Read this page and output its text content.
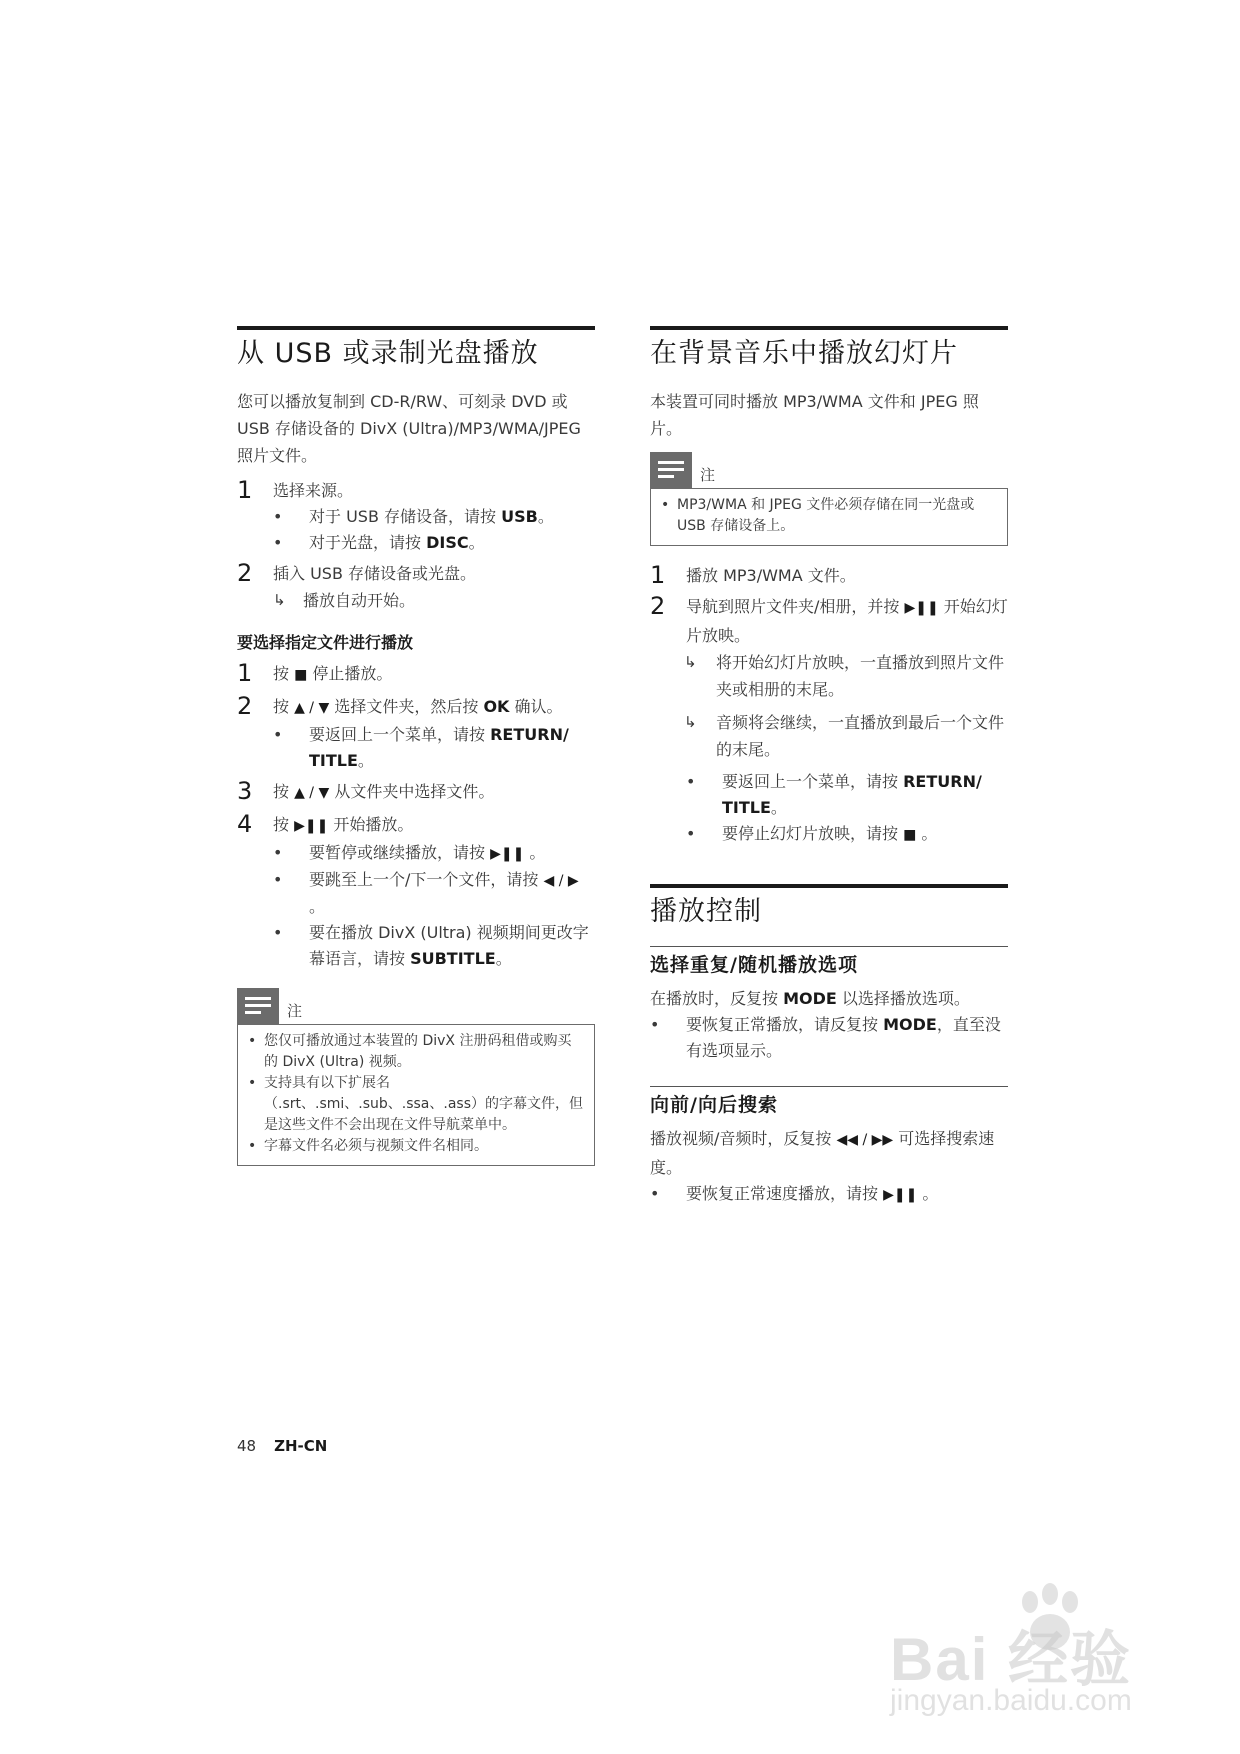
从 USB 或录制光盘播放

您可以播放复制到 CD-R/RW、可刻录 DVD 或 USB 存储设备的 DivX (Ultra)/MP3/WMA/JPEG 照片文件。

1 选择来源。
• 对于 USB 存储设备，请按 USB。
• 对于光盘，请按 DISC。
2 插入 USB 存储设备或光盘。
↳ 播放自动开始。
要选择指定文件进行播放
1 按 ■ 停止播放。
2 按 ▲ / ▼ 选择文件夹，然后按 OK 确认。
• 要返回上一个菜单，请按 RETURN/ TITLE。
3 按 ▲ / ▼ 从文件夹中选择文件。
4 按 ▶❚❚ 开始播放。
• 要暂停或继续播放，请按 ▶❚❚ 。
• 要跳至上一个/下一个文件，请按 ◀ / ▶ 。
• 要在播放 DivX (Ultra) 视频期间更改字幕语言，请按 SUBTITLE。
注
• 您仅可播放通过本装置的 DivX 注册码租借或购买的 DivX (Ultra) 视频。
• 支持具有以下扩展名（.srt、.smi、.sub、.ssa、.ass）的字幕文件，但是这些文件不会出现在文件导航菜单中。
• 字幕文件名必须与视频文件名相同。
在背景音乐中播放幻灯片

本装置可同时播放 MP3/WMA 文件和 JPEG 照片。

注
• MP3/WMA 和 JPEG 文件必须存储在同一光盘或 USB 存储设备上。
1 播放 MP3/WMA 文件。
2 导航到照片文件夹/相册，并按 ▶❚❚ 开始幻灯片放映。
↳ 将开始幻灯片放映，一直播放到照片文件夹或相册的末尾。
↳ 音频将会继续，一直播放到最后一个文件的末尾。
• 要返回上一个菜单，请按 RETURN/ TITLE。
• 要停止幻灯片放映，请按 ■ 。
播放控制
选择重复/随机播放选项

在播放时，反复按 MODE 以选择播放选项。

• 要恢复正常播放，请反复按 MODE，直至没有选项显示。
向前/向后搜索

播放视频/音频时，反复按 ◀◀ / ▶▶ 可选择搜索速度。

• 要恢复正常速度播放，请按 ▶❚❚ 。
48 ZH-CN
Bai 经验
jingyan.baidu.com
